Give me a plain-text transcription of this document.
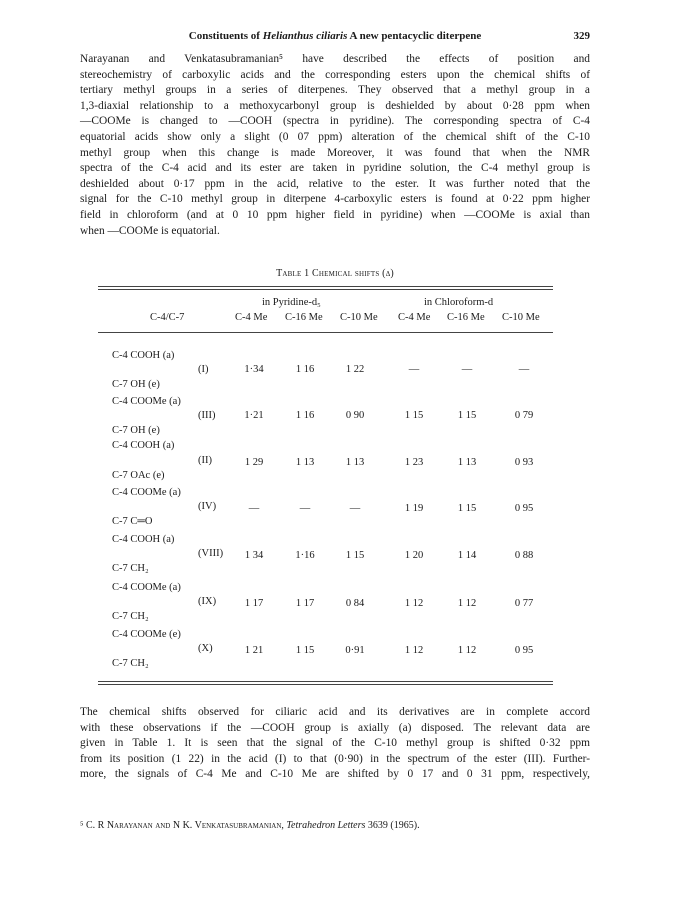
Constituents of Helianthus ciliaris A new pentacyclic diterpene	329
Narayanan and Venkatasubramanian⁵ have described the effects of position and
stereochemistry of carboxylic acids and the corresponding esters upon the chemical shifts of
tertiary methyl groups in a series of diterpenes. They observed that a methyl group in a
1,3-diaxial relationship to a methoxycarbonyl group is deshielded by about 0·28 ppm when
—COOMe is changed to —COOH (spectra in pyridine). The corresponding spectra of C-4
equatorial acids show only a slight (0 07 ppm) alteration of the chemical shift of the C-10
methyl group when this change is made Moreover, it was found that when the NMR
spectra of the C-4 acid and its ester are taken in pyridine solution, the C-4 methyl group is
deshielded about 0·17 ppm in the acid, relative to the ester. It was further noted that the
signal for the C-10 methyl group in diterpene 4-carboxylic esters is found at 0·22 ppm higher
field in chloroform (and at 0 10 ppm higher field in pyridine) when —COOMe is axial than
when —COOMe is equatorial.
Table 1 Chemical shifts (δ)
in Pyridine-d₅	in Chloroform-d
C-4/C-7	C-4 Me C-16 Me C-10 Me C-4 Me C-16 Me C-10 Me
C-4 COOH (a)
(I)
C-7 OH (e)
1·34	1 16	1 22	—	—	—
C-4 COOMe (a)
(III)
C-7 OH (e)
1·21	1 16	0 90	1 15	1 15	0 79
C-4 COOH (a)
(II)
C-7 OAc (e)
1 29	1 13	1 13	1 23	1 13	0 93
C-4 COOMe (a)
(IV)
C-7 C═O
—	—	—	1 19	1 15	0 95
C-4 COOH (a)
(VIII)
C-7 CH₂
1 34	1·16	1 15	1 20	1 14	0 88
C-4 COOMe (a)
(IX)
C-7 CH₂
1 17	1 17	0 84	1 12	1 12	0 77
C-4 COOMe (e)
(X)
C-7 CH₂
1 21	1 15	0·91	1 12	1 12	0 95
The chemical shifts observed for ciliaric acid and its derivatives are in complete accord
with these observations if the —COOH group is axially (a) disposed. The relevant data are
given in Table 1. It is seen that the signal of the C-10 methyl group is shifted 0·32 ppm
from its position (1 22) in the acid (I) to that (0·90) in the spectrum of the ester (III). Further-
more, the signals of C-4 Me and C-10 Me are shifted by 0 17 and 0 31 ppm, respectively,
⁵ C. R Narayanan and N K. Venkatasubramanian, Tetrahedron Letters 3639 (1965).
